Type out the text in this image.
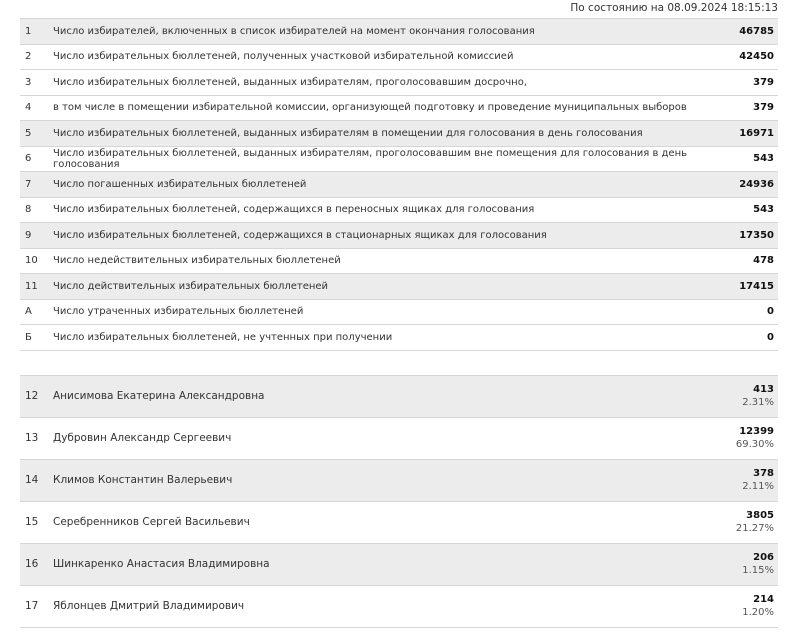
По состоянию на 08.09.2024 18:15:13
1	Число избирателей, включенных в список избирателей на момент окончания голосования	46785
2	Число избирательных бюллетеней, полученных участковой избирательной комиссией	42450
3	Число избирательных бюллетеней, выданных избирателям, проголосовавшим досрочно,	379
4	в том числе в помещении избирательной комиссии, организующей подготовку и проведение муниципальных выборов	379
5	Число избирательных бюллетеней, выданных избирателям в помещении для голосования в день голосования	16971
6	Число избирательных бюллетеней, выданных избирателям, проголосовавшим вне помещения для голосования в день голосования	543
7	Число погашенных избирательных бюллетеней	24936
8	Число избирательных бюллетеней, содержащихся в переносных ящиках для голосования	543
9	Число избирательных бюллетеней, содержащихся в стационарных ящиках для голосования	17350
10	Число недействительных избирательных бюллетеней	478
11	Число действительных избирательных бюллетеней	17415
А	Число утраченных избирательных бюллетеней	0
Б	Число избирательных бюллетеней, не учтенных при получении	0

12	Анисимова Екатерина Александровна	413
2.31%

13	Дубровин Александр Сергеевич	12399
69.30%

14	Климов Константин Валерьевич	378
2.11%

15	Серебренников Сергей Васильевич	3805
21.27%

16	Шинкаренко Анастасия Владимировна	206
1.15%

17	Яблонцев Дмитрий Владимирович	214
1.20%
